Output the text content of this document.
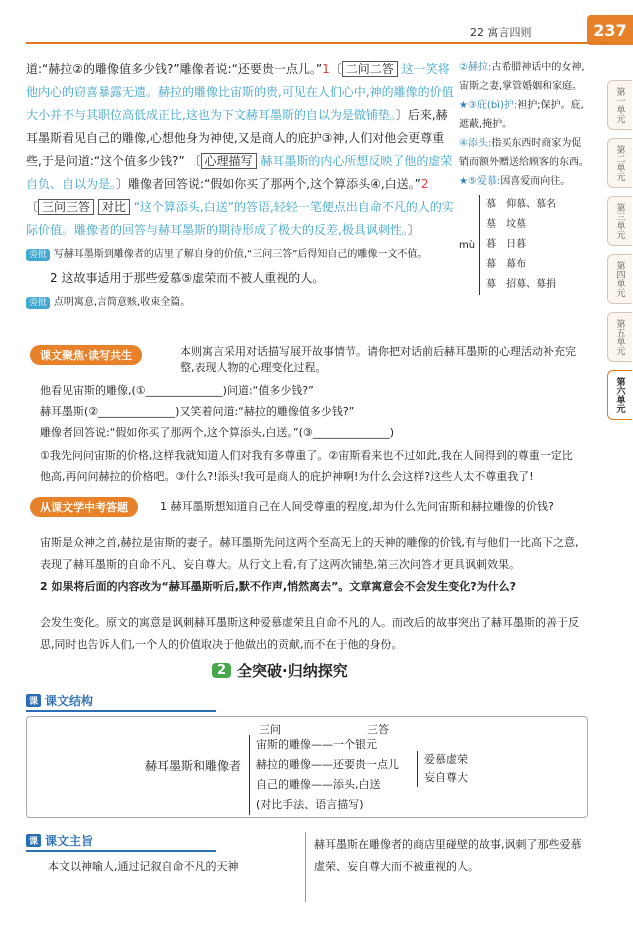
22 寓言四则	237
第一单元
第二单元
第三单元
第四单元
第五单元
第六单元
道:“赫拉②的雕像值多少钱?”雕像者说:“还要贵一点儿。”1〔 二问二答 这一笑将他内心的窃喜暴露无遗。赫拉的雕像比宙斯的贵,可见在人们心中,神的雕像的价值大小并不与其职位高低成正比,这也为下文赫耳墨斯的自以为是做铺垫。〕后来,赫耳墨斯看见自己的雕像,心想他身为神使,又是商人的庇护③神,人们对他会更尊重些,于是问道:“这个值多少钱?” 〔 心理描写 赫耳墨斯的内心所想反映了他的虚荣自负、自以为是。〕雕像者回答说:“假如你买了那两个,这个算添头④,白送。”2〔 三问三答 对比 “这个算添头,白送”的答语,轻轻一笔便点出自命不凡的人的实际价值。雕像者的回答与赫耳墨斯的期待形成了极大的反差,极具讽刺性。〕
旁批 写赫耳墨斯到雕像者的店里了解自身的价值,“三问三答”后得知自己的雕像一文不值。
2 这故事适用于那些爱慕⑤虚荣而不被人重视的人。
旁批 点明寓意,言简意赅,收束全篇。
②赫拉:古希腊神话中的女神,宙斯之妻,掌管婚姻和家庭。
★③庇(bì)护:袒护;保护。庇,遮蔽,掩护。
④添头:指买东西时商家为促销而额外赠送给顾客的东西。
★⑤爱慕:因喜爱而向往。
mù
慕　仰慕、慕名
墓　坟墓
暮　日暮
幕　幕布
募　招募、募捐
课文聚焦·读写共生	本则寓言采用对话描写展开故事情节。请你把对话前后赫耳墨斯的心理活动补充完整,表现人物的心理变化过程。
他看见宙斯的雕像,(①______________)问道:“值多少钱?”
赫耳墨斯(②______________)又笑着问道:“赫拉的雕像值多少钱?”
雕像者回答说:“假如你买了那两个,这个算添头,白送。”(③______________)
①我先问问宙斯的价格,这样我就知道人们对我有多尊重了。②宙斯看来也不过如此,我在人间得到的尊重一定比他高,再问问赫拉的价格吧。③什么?!添头!我可是商人的庇护神啊!为什么会这样?这些人太不尊重我了!
从课文学中考答题	1 赫耳墨斯想知道自己在人间受尊重的程度,却为什么先问宙斯和赫拉雕像的价钱?
宙斯是众神之首,赫拉是宙斯的妻子。赫耳墨斯先问这两个至高无上的天神的雕像的价钱,有与他们一比高下之意,表现了赫耳墨斯的自命不凡、妄自尊大。从行文上看,有了这两次铺垫,第三次问答才更具讽刺效果。
2 如果将后面的内容改为“赫耳墨斯听后,默不作声,悄然离去”。文章寓意会不会发生变化?为什么?
会发生变化。原文的寓意是讽刺赫耳墨斯这种爱慕虚荣且自命不凡的人。而改后的故事突出了赫耳墨斯的善于反思,同时也告诉人们,一个人的价值取决于他做出的贡献,而不在于他的身份。
2 全突破·归纳探究
课 课文结构
赫耳墨斯和雕像者
三问	三答
宙斯的雕像——一个银元
赫拉的雕像——还要贵一点儿
自己的雕像——添头,白送
(对比手法、语言描写)
爱慕虚荣
妄自尊大
课 课文主旨
本文以神喻人,通过记叙自命不凡的天神
赫耳墨斯在雕像者的商店里碰壁的故事,讽刺了那些爱慕虚荣、妄自尊大而不被重视的人。
